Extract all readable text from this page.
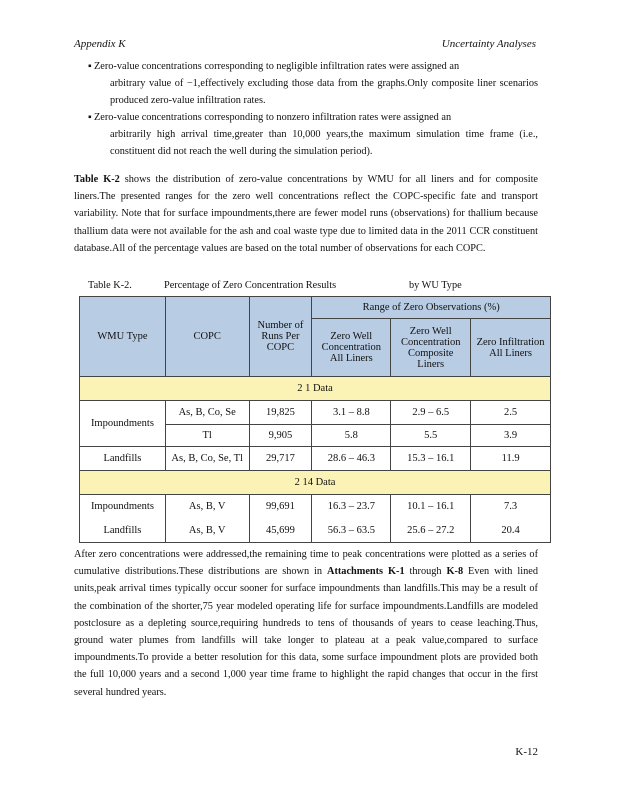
Appendix K	Uncertainty Analyses
▪ Zero-value concentrations corresponding to negligible infiltration rates were assigned an
arbitrary value of −1,effectively excluding those data from the graphs.Only composite liner scenarios produced zero-value infiltration rates.
▪ Zero-value concentrations corresponding to nonzero infiltration rates were assigned an
arbitrarily high arrival time,greater than 10,000 years,the maximum simulation time frame (i.e., constituent did not reach the well during the simulation period).
Table K-2 shows the distribution of zero-value concentrations by WMU for all liners and for composite liners.The presented ranges for the zero well concentrations reflect the COPC-specific fate and transport variability. Note that for surface impoundments,there are fewer model runs (observations) for thallium because thallium data were not available for the ash and coal waste type due to limited data in the 2011 CCR constituent database.All of the percentage values are based on the total number of observations for each COPC.
Table K-2.	Percentage of Zero Concentration Results	by WU Type
WMU Type	COPC	Number of Runs Per COPC	Range of Zero Observations (%)		
			Zero Well Concentration All Liners	Zero Well Concentration Composite Liners	Zero Infiltration All Liners
2 1 Data					
Impoundments	As, B, Co, Se	19,825	3.1 – 8.8	2.9 – 6.5	2.5
	Tl	9,905	5.8	5.5	3.9
Landfills	As, B, Co, Se, Tl	29,717	28.6 – 46.3	15.3 – 16.1	11.9
2 14 Data					
Impoundments	As, B, V	99,691	16.3 – 23.7	10.1 – 16.1	7.3
Landfills	As, B, V	45,699	56.3 – 63.5	25.6 – 27.2	20.4
After zero concentrations were addressed,the remaining time to peak concentrations were plotted as a series of cumulative distributions.These distributions are shown in Attachments K-1 through K-8 Even with lined units,peak arrival times typically occur sooner for surface impoundments than landfills.This may be a result of the combination of the shorter,75 year modeled operating life for surface impoundments.Landfills are modeled postclosure as a depleting source,requiring hundreds to tens of thousands of years to cease leaching.Thus, ground water plumes from landfills will take longer to plateau at a peak value,compared to surface impoundments.To provide a better resolution for this data, some surface impoundment plots are provided both the full 10,000 years and a second 1,000 year time frame to highlight the rapid changes that occur in the first several hundred years.
K-12
